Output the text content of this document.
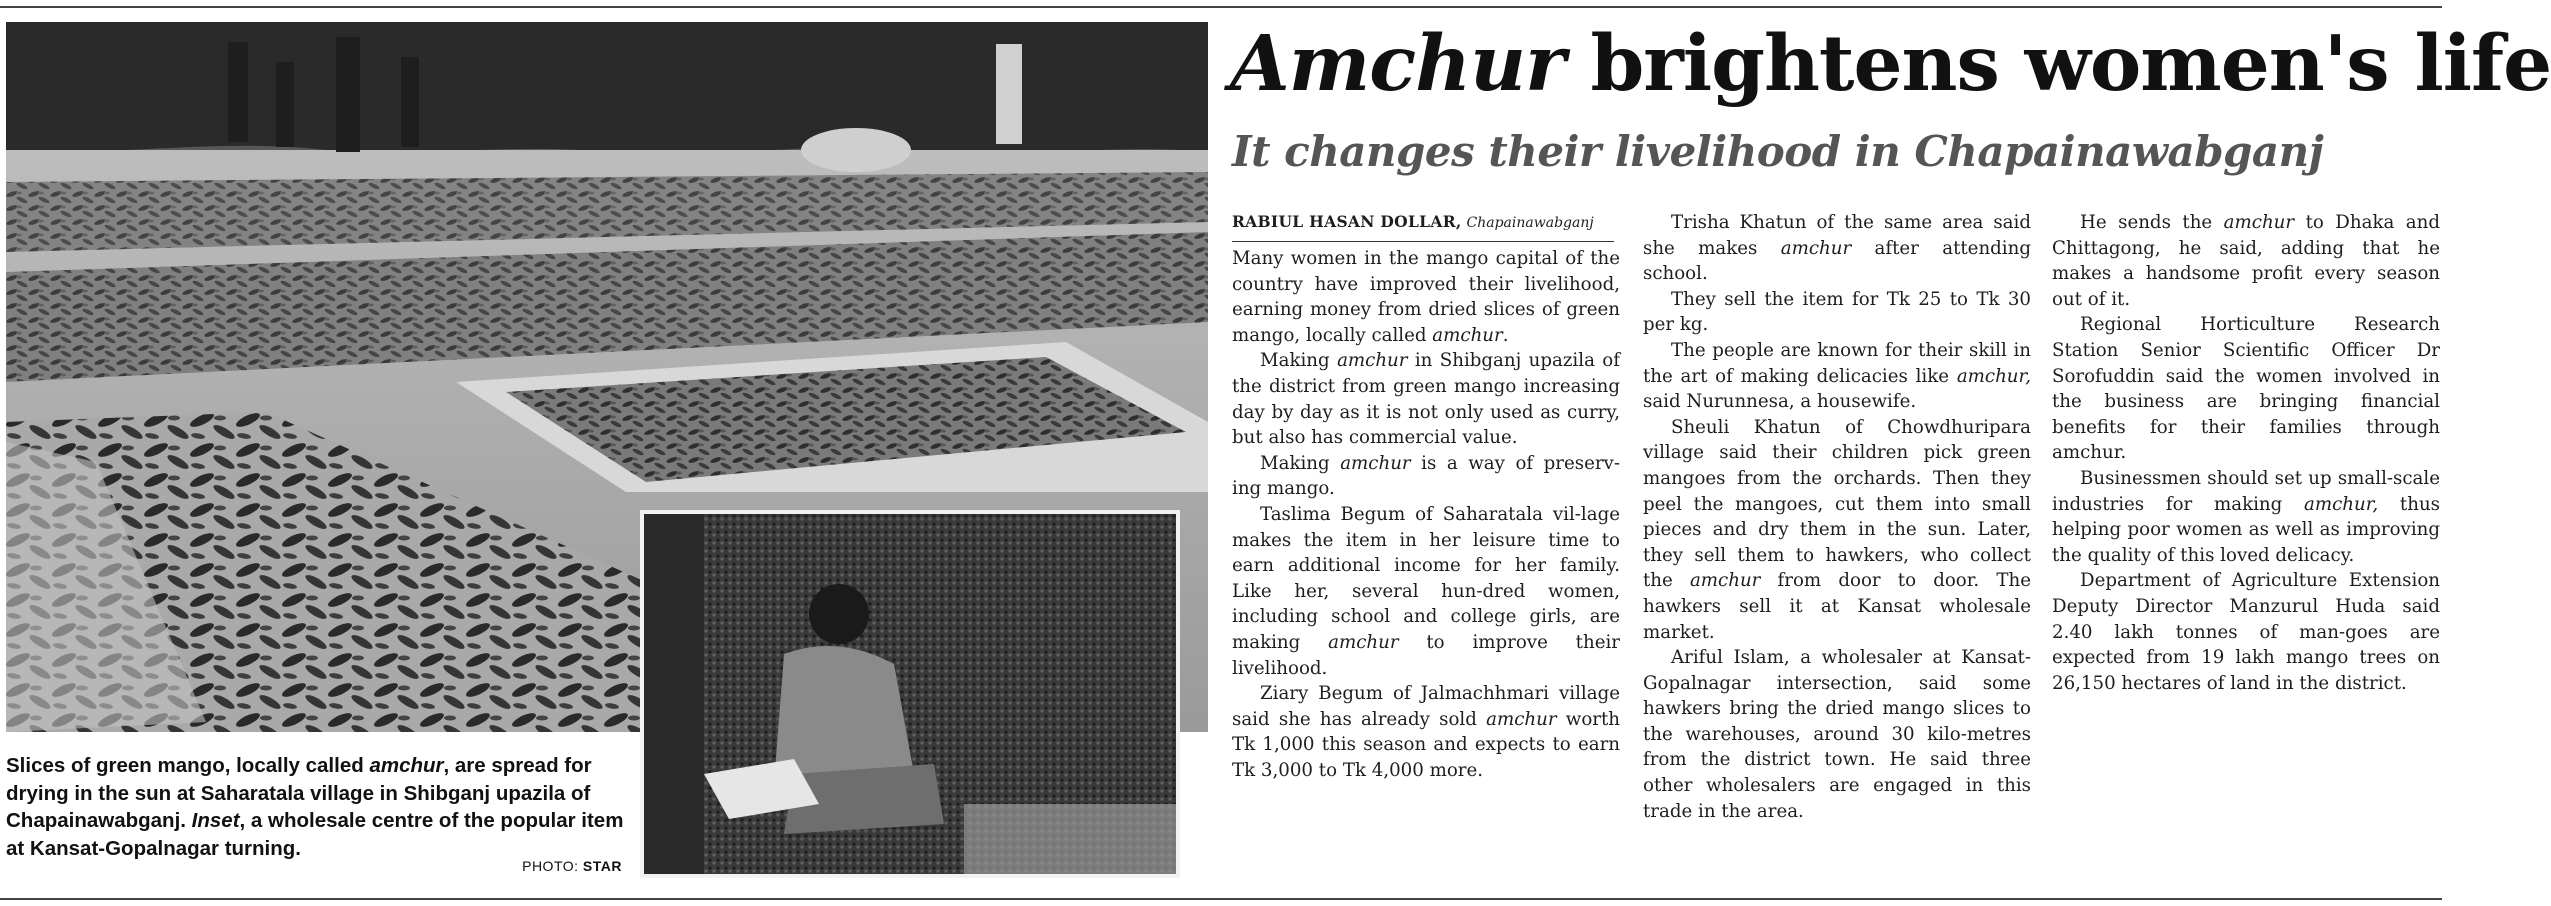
Slices of green mango, locally called amchur, are spread for drying in the sun at Saharatala village in Shibganj upazila of Chapainawabganj. Inset, a wholesale centre of the popular item at Kansat-Gopalnagar turning.
PHOTO: STAR
Amchur brightens women's life
It changes their livelihood in Chapainawabganj
RABIUL HASAN DOLLAR, Chapainawabganj

Many women in the mango capital of the country have improved their livelihood, earning money from dried slices of green mango, locally called amchur.

Making amchur in Shibganj upazila of the district from green mango increasing day by day as it is not only used as curry, but also has commercial value.

Making amchur is a way of preserv-ing mango.

Taslima Begum of Saharatala vil-lage makes the item in her leisure time to earn additional income for her family. Like her, several hun-dred women, including school and college girls, are making amchur to improve their livelihood.

Ziary Begum of Jalmachhmari village said she has already sold amchur worth Tk 1,000 this season and expects to earn Tk 3,000 to Tk 4,000 more.

Trisha Khatun of the same area said she makes amchur after attending school.

They sell the item for Tk 25 to Tk 30 per kg.

The people are known for their skill in the art of making delicacies like amchur, said Nurunnesa, a housewife.

Sheuli Khatun of Chowdhuripara village said their children pick green mangoes from the orchards. Then they peel the mangoes, cut them into small pieces and dry them in the sun. Later, they sell them to hawkers, who collect the amchur from door to door. The hawkers sell it at Kansat wholesale market.

Ariful Islam, a wholesaler at Kansat-Gopalnagar intersection, said some hawkers bring the dried mango slices to the warehouses, around 30 kilo-metres from the district town. He said three other wholesalers are engaged in this trade in the area.

He sends the amchur to Dhaka and Chittagong, he said, adding that he makes a handsome profit every season out of it.

Regional Horticulture Research Station Senior Scientific Officer Dr Sorofuddin said the women involved in the business are bringing financial benefits for their families through amchur.

Businessmen should set up small-scale industries for making amchur, thus helping poor women as well as improving the quality of this loved delicacy.

Department of Agriculture Extension Deputy Director Manzurul Huda said 2.40 lakh tonnes of man-goes are expected from 19 lakh mango trees on 26,150 hectares of land in the district.
